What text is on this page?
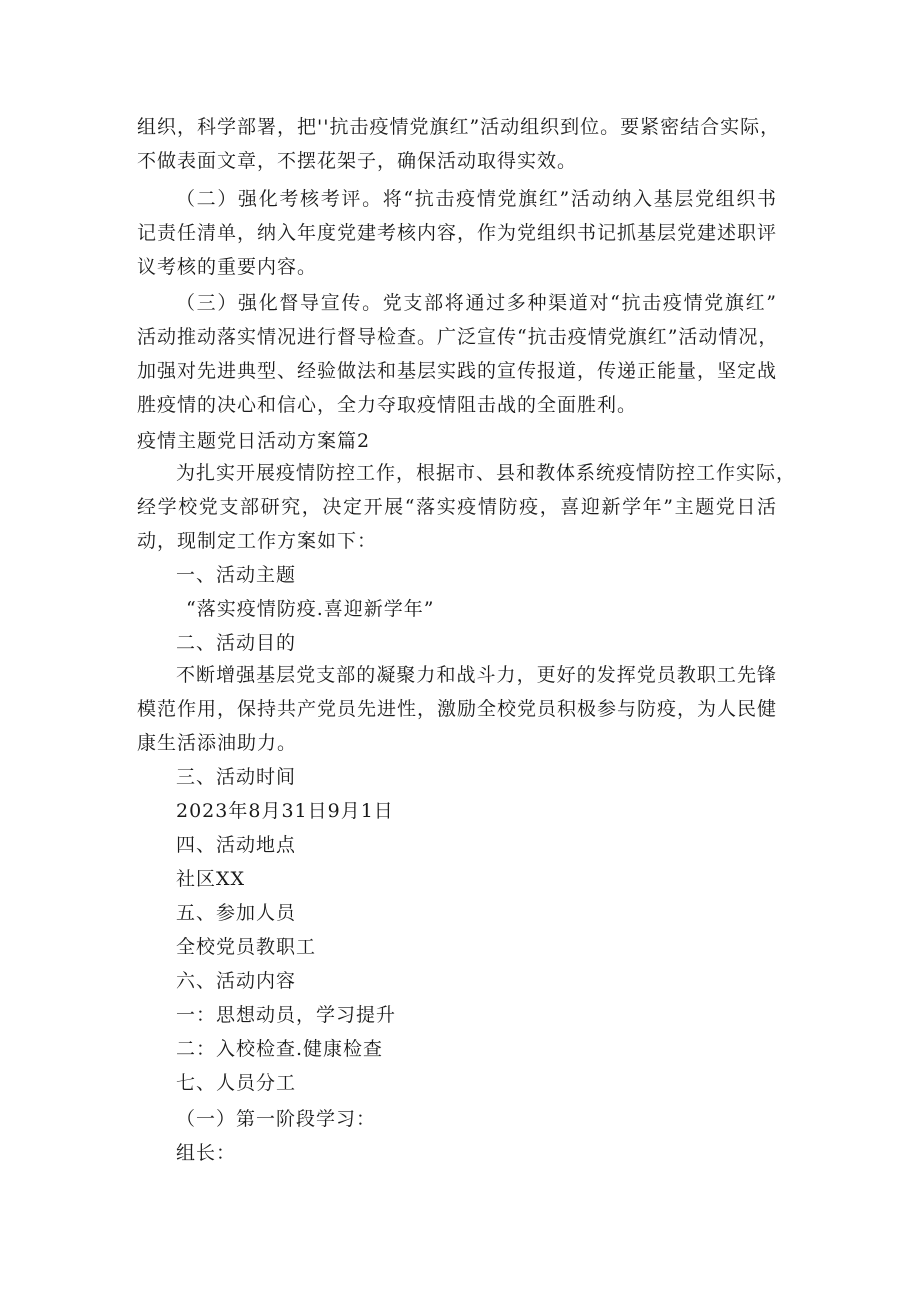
组织，科学部署，把''抗击疫情党旗红”活动组织到位。要紧密结合实际，
不做表面文章，不摆花架子，确保活动取得实效。
（二）强化考核考评。将“抗击疫情党旗红”活动纳入基层党组织书
记责任清单，纳入年度党建考核内容，作为党组织书记抓基层党建述职评
议考核的重要内容。
（三）强化督导宣传。党支部将通过多种渠道对“抗击疫情党旗红”
活动推动落实情况进行督导检查。广泛宣传“抗击疫情党旗红”活动情况，
加强对先进典型、经验做法和基层实践的宣传报道，传递正能量，坚定战
胜疫情的决心和信心，全力夺取疫情阻击战的全面胜利。
疫情主题党日活动方案篇2
为扎实开展疫情防控工作，根据市、县和教体系统疫情防控工作实际，
经学校党支部研究，决定开展“落实疫情防疫，喜迎新学年”主题党日活
动，现制定工作方案如下：
一、活动主题
“落实疫情防疫.喜迎新学年”
二、活动目的
不断增强基层党支部的凝聚力和战斗力，更好的发挥党员教职工先锋
模范作用，保持共产党员先进性，激励全校党员积极参与防疫，为人民健
康生活添油助力。
三、活动时间
2023年8月31日9月1日
四、活动地点
社区XX
五、参加人员
全校党员教职工
六、活动内容
一：思想动员，学习提升
二：入校检查.健康检查
七、人员分工
（一）第一阶段学习：
组长：
